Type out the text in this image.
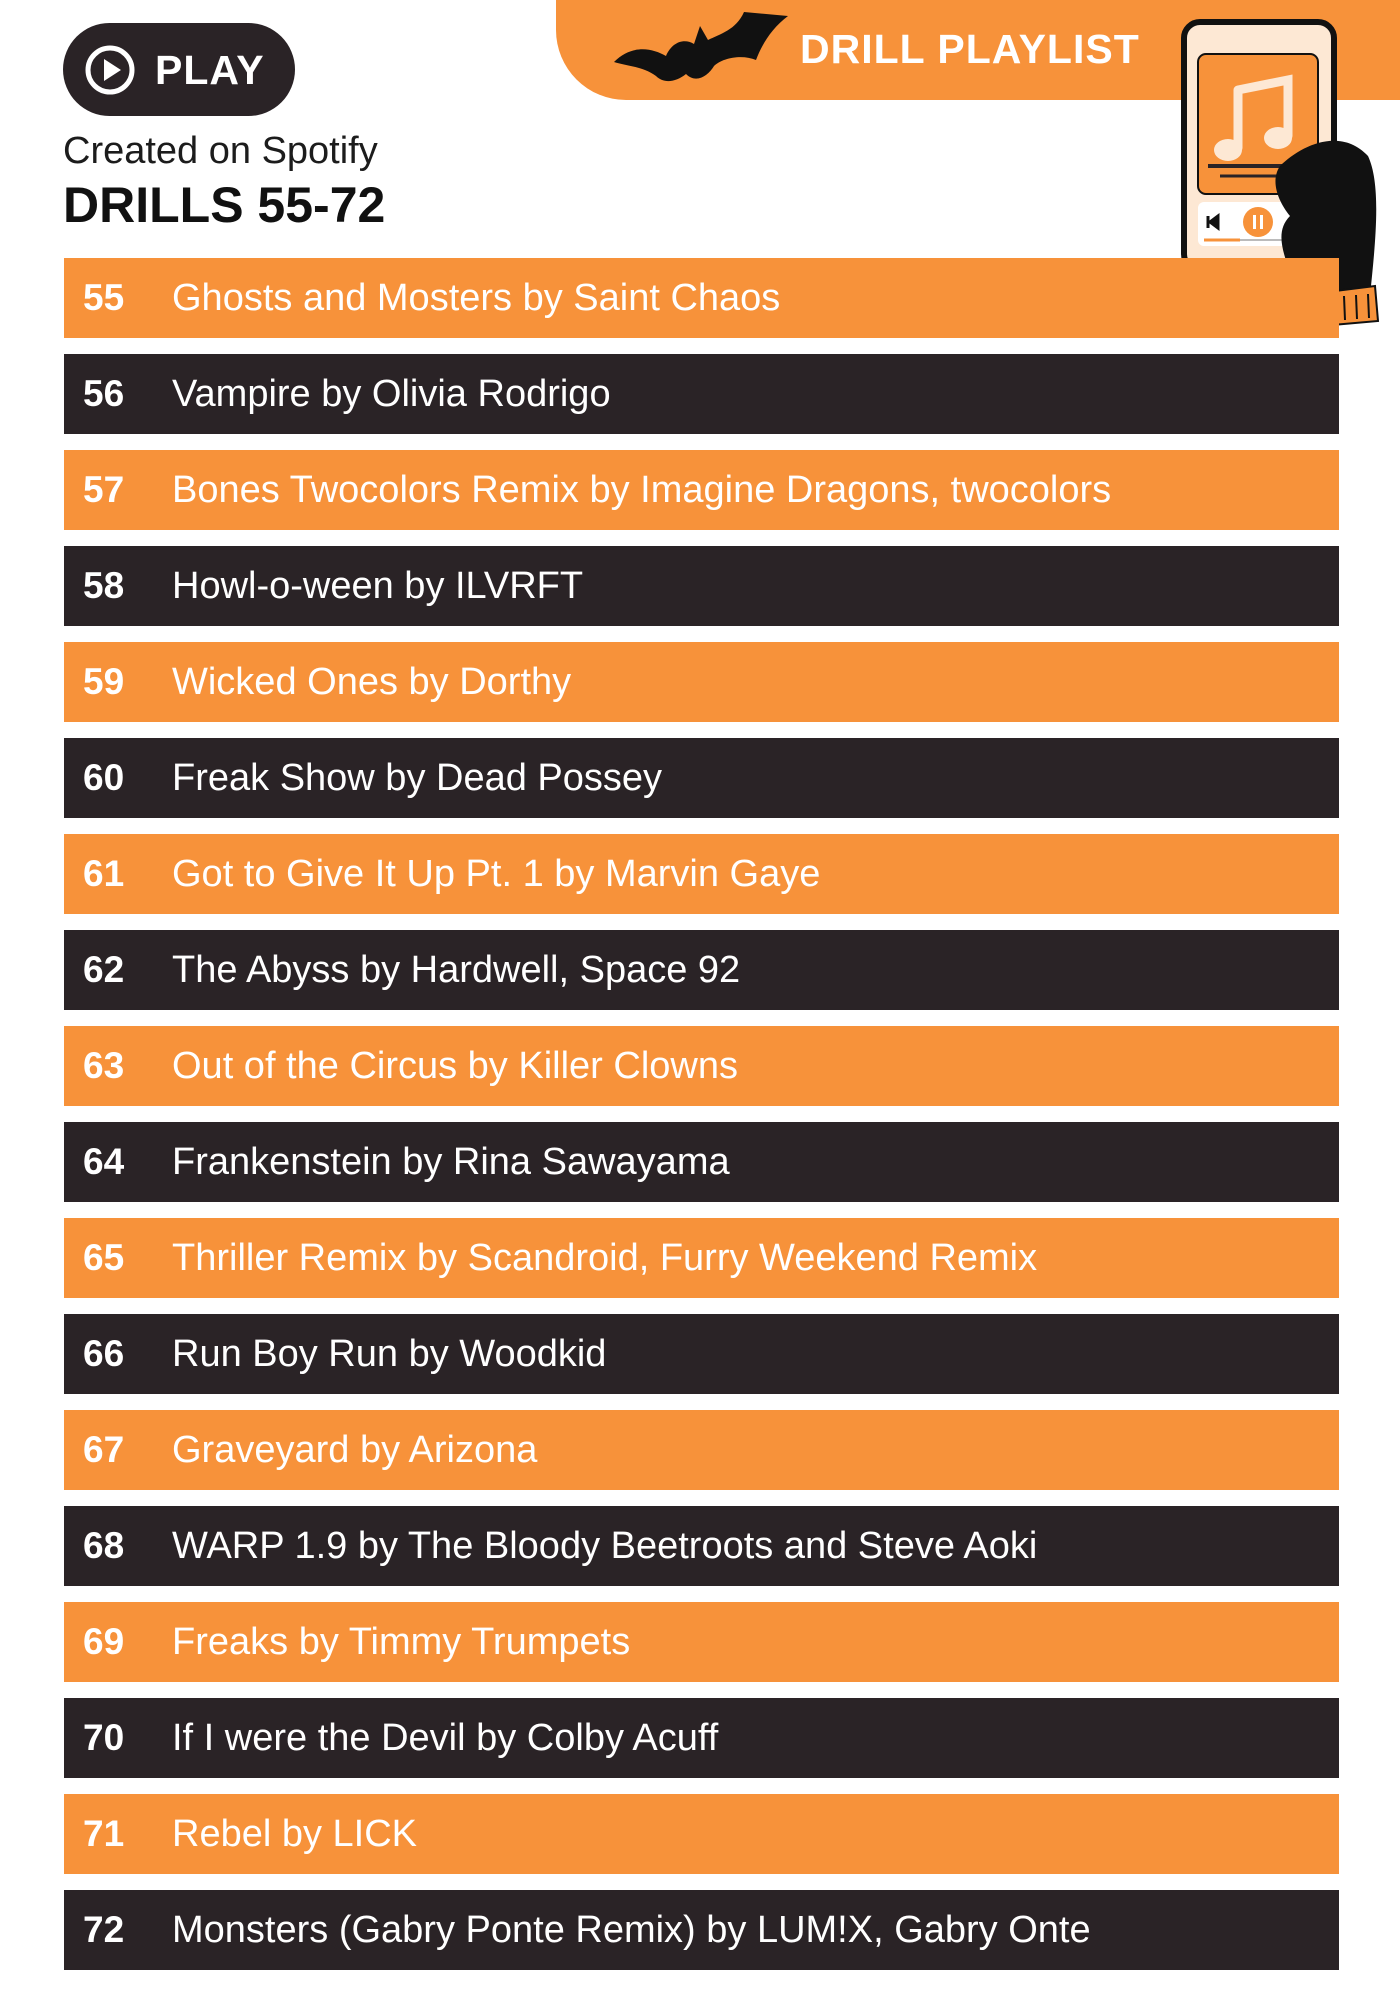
DRILL PLAYLIST
PLAY
Created on Spotify
DRILLS 55-72
55	Ghosts and Mosters by Saint Chaos
56	Vampire by Olivia Rodrigo
57	Bones Twocolors Remix by Imagine Dragons, twocolors
58	Howl-o-ween by ILVRFT
59	Wicked Ones by Dorthy
60	Freak Show by Dead Possey
61	Got to Give It Up Pt. 1 by Marvin Gaye
62	The Abyss by Hardwell, Space 92
63	Out of the Circus by Killer Clowns
64	Frankenstein by Rina Sawayama
65	Thriller Remix by Scandroid, Furry Weekend Remix
66	Run Boy Run by Woodkid
67	Graveyard by Arizona
68	WARP 1.9 by The Bloody Beetroots and Steve Aoki
69	Freaks by Timmy Trumpets
70	If I were the Devil by Colby Acuff
71	Rebel by LICK
72	Monsters (Gabry Ponte Remix) by LUM!X, Gabry Onte
